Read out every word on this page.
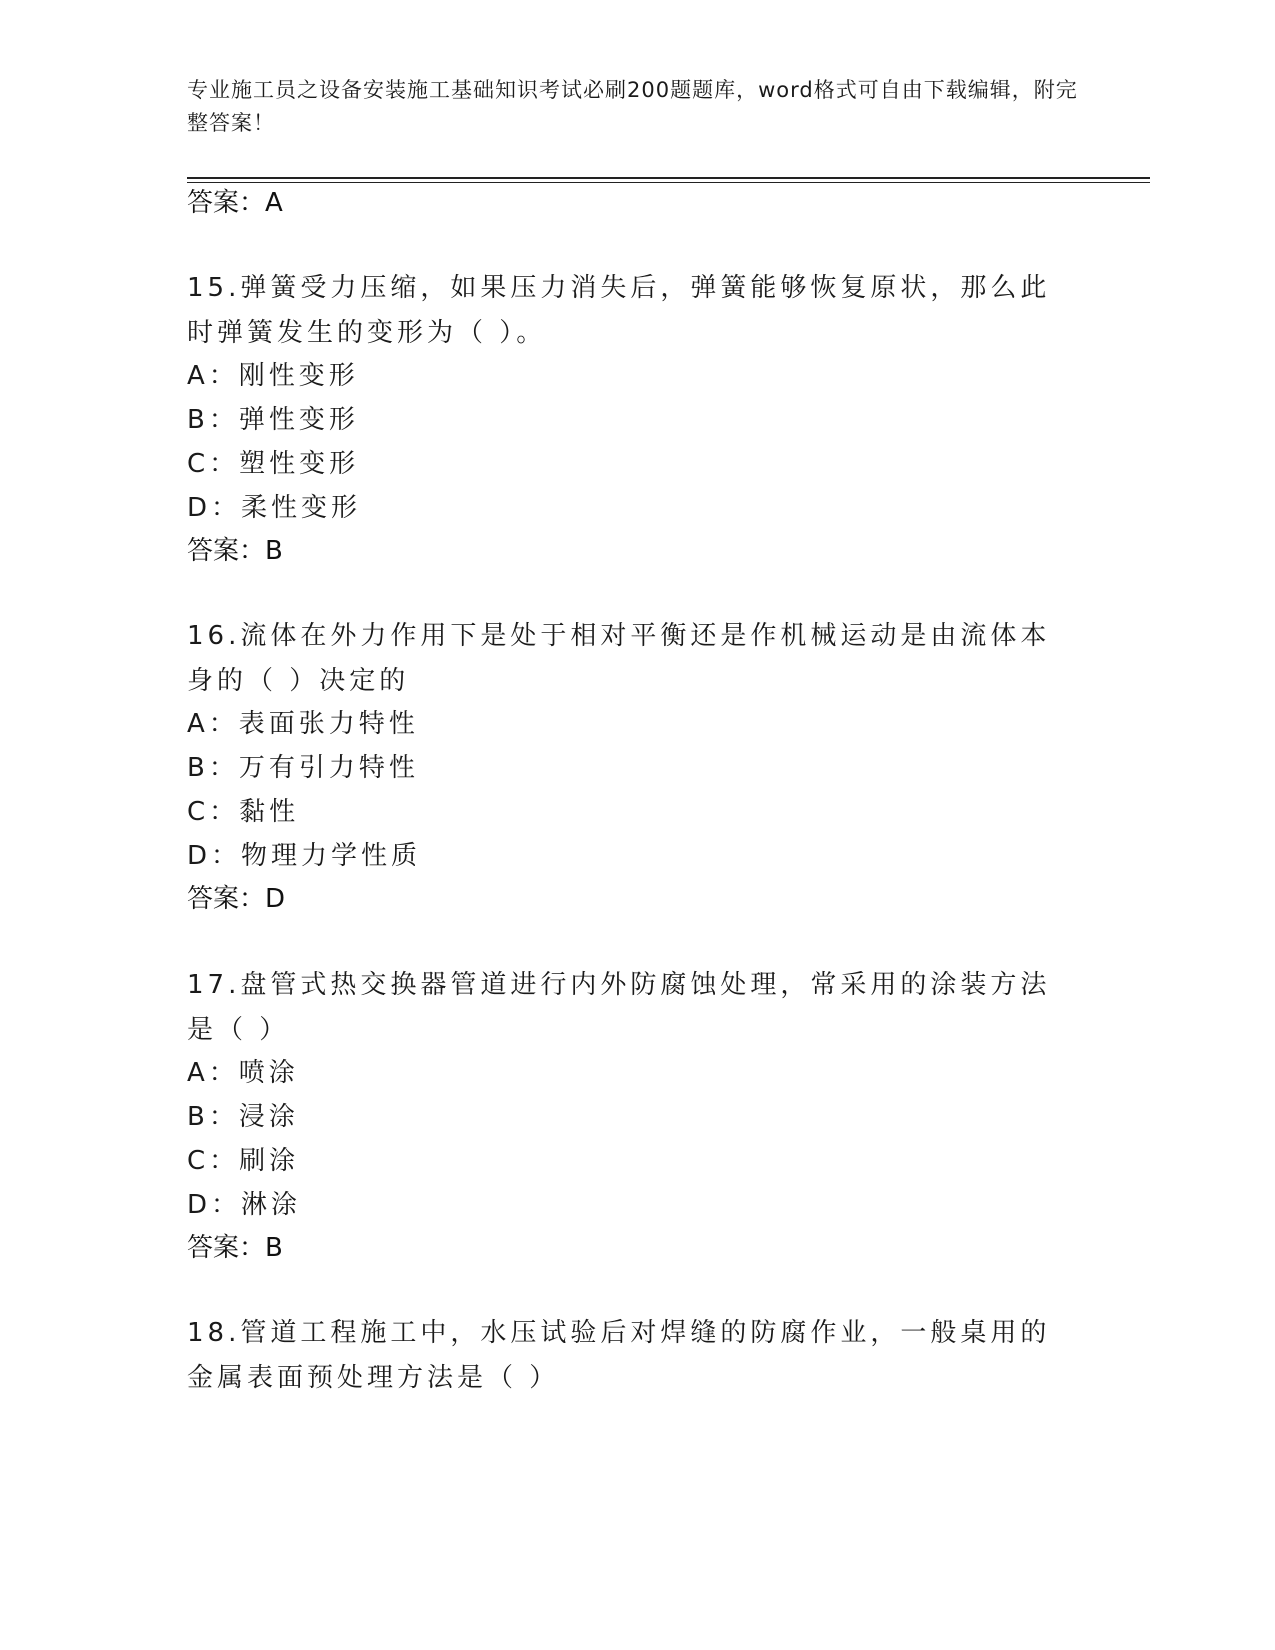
专业施工员之设备安装施工基础知识考试必刷200题题库，word格式可自由下载编辑，附完整答案！
答案：A
15.弹簧受力压缩，如果压力消失后，弹簧能够恢复原状，那么此时弹簧发生的变形为（ ）。
A：刚性变形
B：弹性变形
C：塑性变形
D：柔性变形
答案：B
16.流体在外力作用下是处于相对平衡还是作机械运动是由流体本身的（ ）决定的
A：表面张力特性
B：万有引力特性
C：黏性
D：物理力学性质
答案：D
17.盘管式热交换器管道进行内外防腐蚀处理，常采用的涂装方法是（ ）
A：喷涂
B：浸涂
C：刷涂
D：淋涂
答案：B
18.管道工程施工中，水压试验后对焊缝的防腐作业，一般桌用的金属表面预处理方法是（ ）
